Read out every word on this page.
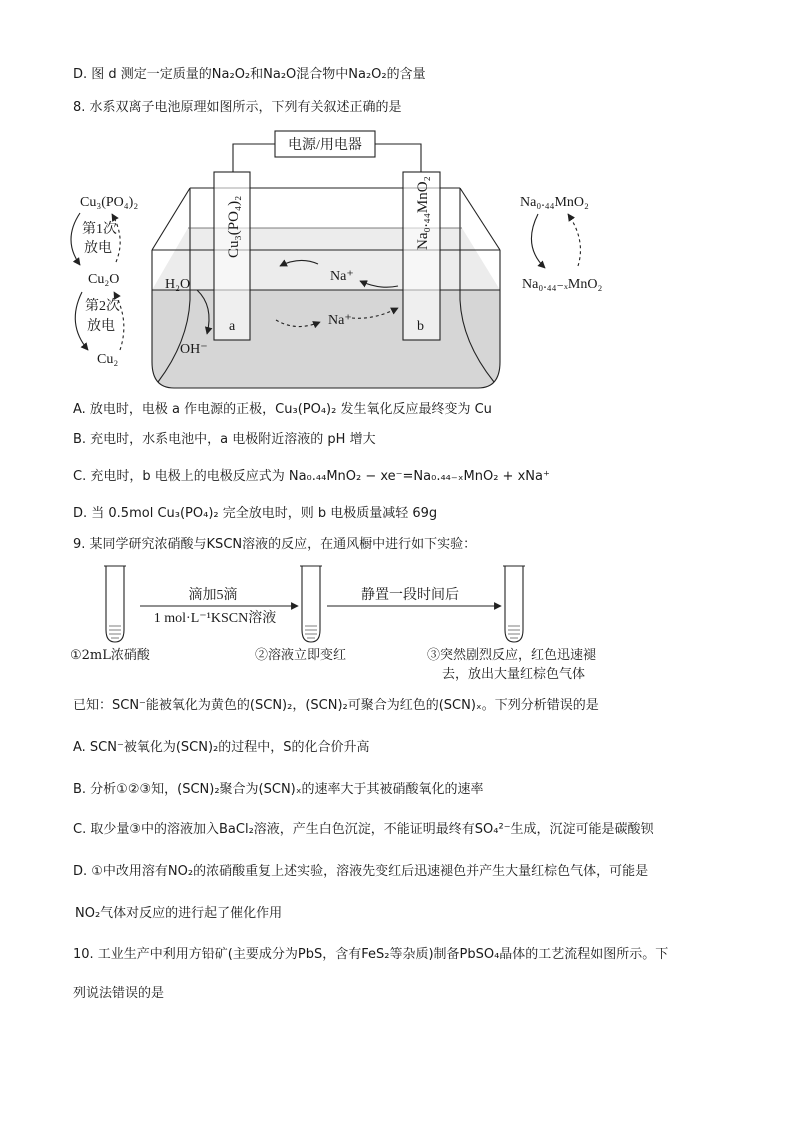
D. 图 d 测定一定质量的Na₂O₂和Na₂O混合物中Na₂O₂的含量
8. 水系双离子电池原理如图所示，下列有关叙述正确的是
电源/用电器
Cu₃(PO₄)₂	Na₀.₄₄MnO₂
a	b
H₂O
OH⁻
Na⁺
Na⁺
Cu₃(PO₄)₂
第1次
放电
Cu₂O
第2次
放电
Cu₂
Na₀.₄₄MnO₂
Na₀.₄₄₋ₓMnO₂
A. 放电时，电极 a 作电源的正极，Cu₃(PO₄)₂ 发生氧化反应最终变为 Cu
B. 充电时，水系电池中，a 电极附近溶液的 pH 增大
C. 充电时，b 电极上的电极反应式为 Na₀.₄₄MnO₂ − xe⁻=Na₀.₄₄₋ₓMnO₂ + xNa⁺
D. 当 0.5mol Cu₃(PO₄)₂ 完全放电时，则 b 电极质量减轻 69g
9. 某同学研究浓硝酸与KSCN溶液的反应，在通风橱中进行如下实验：
滴加5滴
1 mol·L⁻¹KSCN溶液
静置一段时间后
①2mL浓硝酸	②溶液立即变红	③突然剧烈反应，红色迅速褪
去，放出大量红棕色气体
已知：SCN⁻能被氧化为黄色的(SCN)₂，(SCN)₂可聚合为红色的(SCN)ₓ。下列分析错误的是
A. SCN⁻被氧化为(SCN)₂的过程中，S的化合价升高
B. 分析①②③知，(SCN)₂聚合为(SCN)ₓ的速率大于其被硝酸氧化的速率
C. 取少量③中的溶液加入BaCl₂溶液，产生白色沉淀，不能证明最终有SO₄²⁻生成，沉淀可能是碳酸钡
D. ①中改用溶有NO₂的浓硝酸重复上述实验，溶液先变红后迅速褪色并产生大量红棕色气体，可能是
NO₂气体对反应的进行起了催化作用
10. 工业生产中利用方铅矿(主要成分为PbS，含有FeS₂等杂质)制备PbSO₄晶体的工艺流程如图所示。下
列说法错误的是
